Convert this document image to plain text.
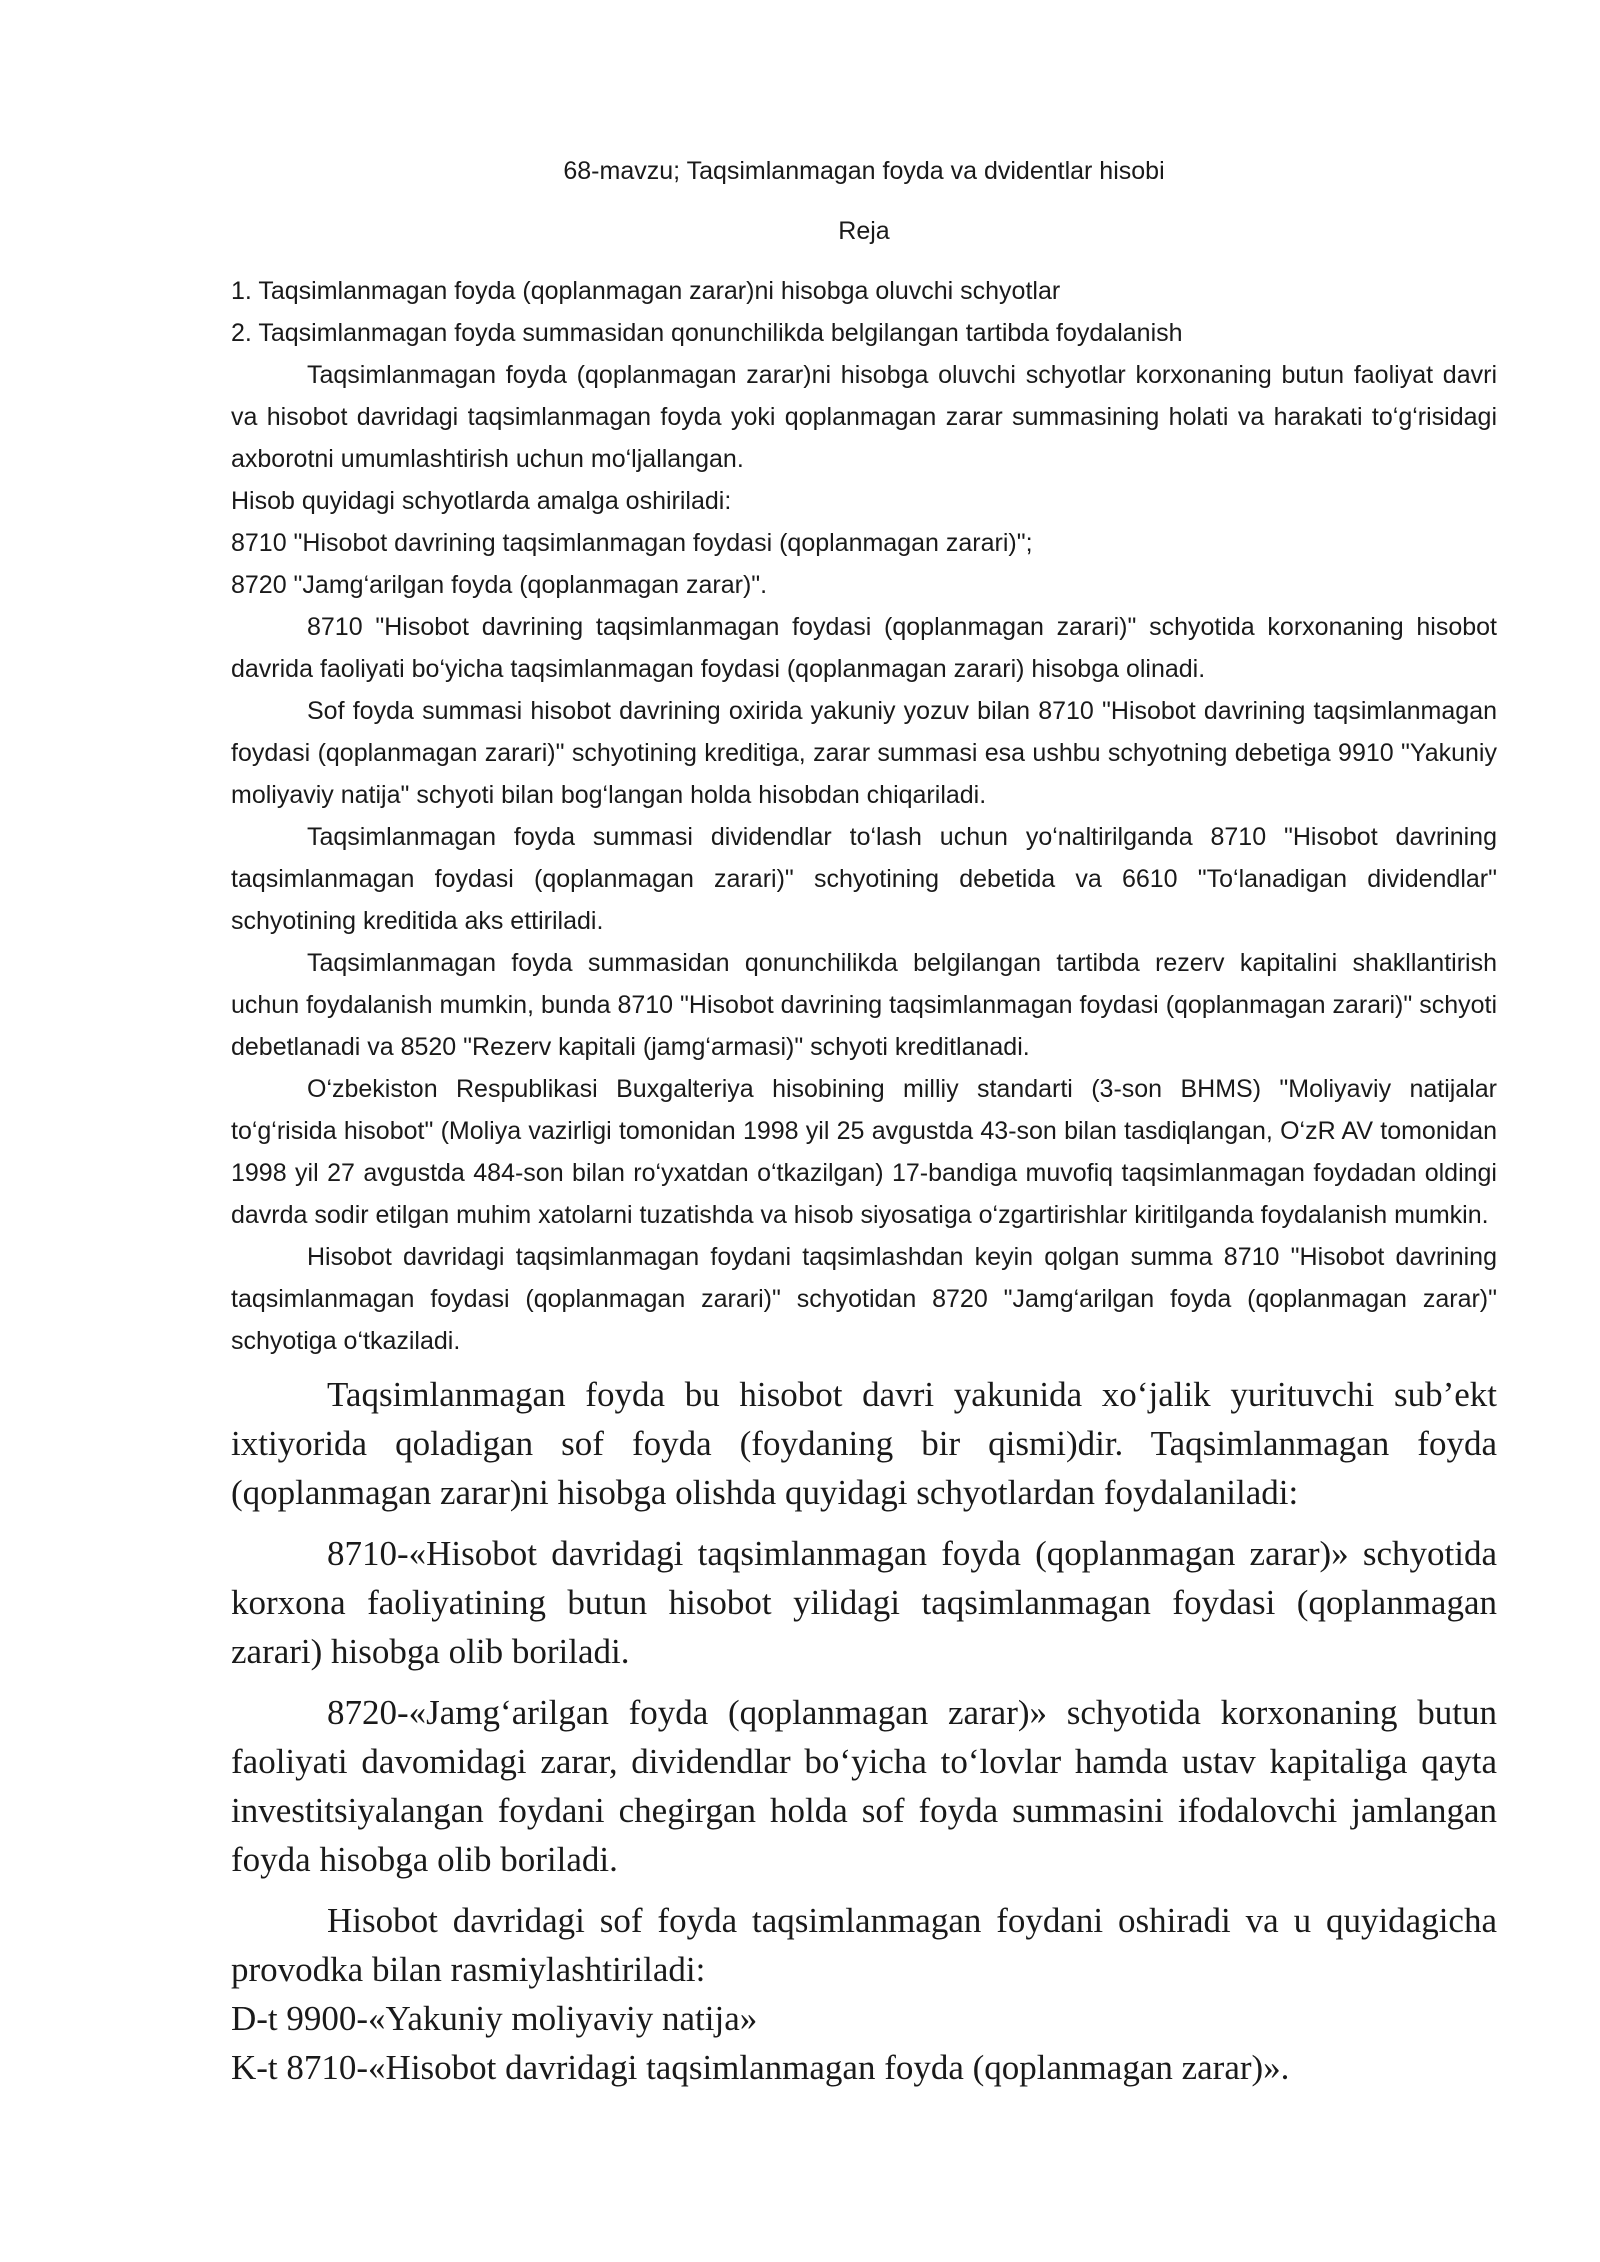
68-mavzu; Taqsimlanmagan foyda va dvidentlar hisobi

Reja

1. Taqsimlanmagan foyda (qoplanmagan zarar)ni hisobga oluvchi schyotlar

2. Taqsimlanmagan foyda summasidan qonunchilikda belgilangan tartibda foydalanish

Taqsimlanmagan foyda (qoplanmagan zarar)ni hisobga oluvchi schyotlar korxonaning butun faoliyat davri va hisobot davridagi taqsimlanmagan foyda yoki qoplanmagan zarar summasining holati va harakati to‘g‘risidagi axborotni umumlashtirish uchun mo‘ljallangan.

Hisob quyidagi schyotlarda amalga oshiriladi:

8710 "Hisobot davrining taqsimlanmagan foydasi (qoplanmagan zarari)";

8720 "Jamg‘arilgan foyda (qoplanmagan zarar)".

8710 "Hisobot davrining taqsimlanmagan foydasi (qoplanmagan zarari)" schyotida korxonaning hisobot davrida faoliyati bo‘yicha taqsimlanmagan foydasi (qoplanmagan zarari) hisobga olinadi.

Sof foyda summasi hisobot davrining oxirida yakuniy yozuv bilan 8710 "Hisobot davrining taqsimlanmagan foydasi (qoplanmagan zarari)" schyotining kreditiga, zarar summasi esa ushbu schyotning debetiga 9910 "Yakuniy moliyaviy natija" schyoti bilan bog‘langan holda hisobdan chiqariladi.

Taqsimlanmagan foyda summasi dividendlar to‘lash uchun yo‘naltirilganda 8710 "Hisobot davrining taqsimlanmagan foydasi (qoplanmagan zarari)" schyotining debetida va 6610 "To‘lanadigan dividendlar" schyotining kreditida aks ettiriladi.

Taqsimlanmagan foyda summasidan qonunchilikda belgilangan tartibda rezerv kapitalini shakllantirish uchun foydalanish mumkin, bunda 8710 "Hisobot davrining taqsimlanmagan foydasi (qoplanmagan zarari)" schyoti debetlanadi va 8520 "Rezerv kapitali (jamg‘armasi)" schyoti kreditlanadi.

O‘zbekiston Respublikasi Buxgalteriya hisobining milliy standarti (3-son BHMS) "Moliyaviy natijalar to‘g‘risida hisobot" (Moliya vazirligi tomonidan 1998 yil 25 avgustda 43-son bilan tasdiqlangan, O‘zR AV tomonidan 1998 yil 27 avgustda 484-son bilan ro‘yxatdan o‘tkazilgan) 17-bandiga muvofiq taqsimlanmagan foydadan oldingi davrda sodir etilgan muhim xatolarni tuzatishda va hisob siyosatiga o‘zgartirishlar kiritilganda foydalanish mumkin.

Hisobot davridagi taqsimlanmagan foydani taqsimlashdan keyin qolgan summa 8710 "Hisobot davrining taqsimlanmagan foydasi (qoplanmagan zarari)" schyotidan 8720 "Jamg‘arilgan foyda (qoplanmagan zarar)" schyotiga o‘tkaziladi.

Taqsimlanmagan foyda bu hisobot davri yakunida xo‘jalik yurituvchi sub’ekt ixtiyorida qoladigan sof foyda (foydaning bir qismi)dir. Taqsimlanmagan foyda (qoplanmagan zarar)ni hisobga olishda quyidagi schyotlardan foydalaniladi:

8710-«Hisobot davridagi taqsimlanmagan foyda (qoplanmagan zarar)» schyotida korxona faoliyatining butun hisobot yilidagi taqsimlanmagan foydasi (qoplanmagan zarari) hisobga olib boriladi.

8720-«Jamg‘arilgan foyda (qoplanmagan zarar)» schyotida korxonaning butun faoliyati davomidagi zarar, dividendlar bo‘yicha to‘lovlar hamda ustav kapitaliga qayta investitsiyalangan foydani chegirgan holda sof foyda summasini ifodalovchi jamlangan foyda hisobga olib boriladi.

Hisobot davridagi sof foyda taqsimlanmagan foydani oshiradi va u quyidagicha provodka bilan rasmiylashtiriladi:

D-t 9900-«Yakuniy moliyaviy natija»

K-t 8710-«Hisobot davridagi taqsimlanmagan foyda (qoplanmagan zarar)».
